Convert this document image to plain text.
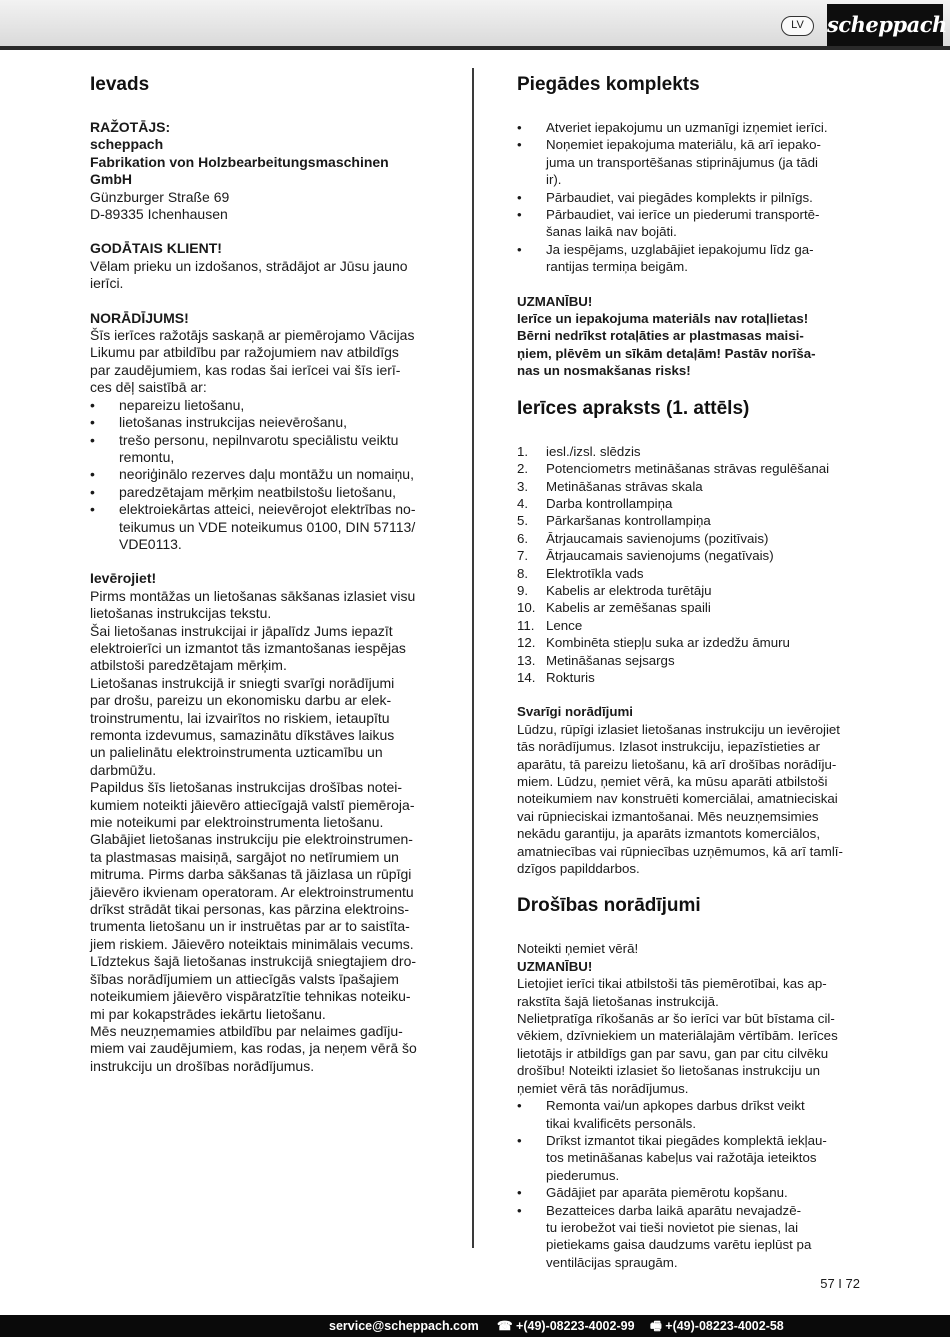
LV	scheppach
Ievads

RAŽOTĀJS:

scheppach

Fabrikation von Holzbearbeitungsmaschinen

GmbH

Günzburger Straße 69

D-89335 Ichenhausen

GODĀTAIS KLIENT!

Vēlam prieku un izdošanos, strādājot ar Jūsu jauno

ierīci.

NORĀDĪJUMS!

Šīs ierīces ražotājs saskaņā ar piemērojamo Vācijas

Likumu par atbildību par ražojumiem nav atbildīgs

par zaudējumiem, kas rodas šai ierīcei vai šīs ierī-

ces dēļ saistībā ar:

• nepareizu lietošanu,

• lietošanas instrukcijas neievērošanu,

• trešo personu, nepilnvarotu speciālistu veiktu

remontu,

• neoriģinālo rezerves daļu montāžu un nomaiņu,

• paredzētajam mērķim neatbilstošu lietošanu,

• elektroiekārtas atteici, neievērojot elektrības no-

teikumus un VDE noteikumus 0100, DIN 57113/

VDE0113.

Ievērojiet!

Pirms montāžas un lietošanas sākšanas izlasiet visu

lietošanas instrukcijas tekstu.

Šai lietošanas instrukcijai ir jāpalīdz Jums iepazīt

elektroierīci un izmantot tās izmantošanas iespējas

atbilstoši paredzētajam mērķim.

Lietošanas instrukcijā ir sniegti svarīgi norādījumi

par drošu, pareizu un ekonomisku darbu ar elek-

troinstrumentu, lai izvairītos no riskiem, ietaupītu

remonta izdevumus, samazinātu dīkstāves laikus

un palielinātu elektroinstrumenta uzticamību un

darbmūžu.

Papildus šīs lietošanas instrukcijas drošības notei-

kumiem noteikti jāievēro attiecīgajā valstī piemēroja-

mie noteikumi par elektroinstrumenta lietošanu.

Glabājiet lietošanas instrukciju pie elektroinstrumen-

ta plastmasas maisiņā, sargājot no netīrumiem un

mitruma. Pirms darba sākšanas tā jāizlasa un rūpīgi

jāievēro ikvienam operatoram. Ar elektroinstrumentu

drīkst strādāt tikai personas, kas pārzina elektroins-

trumenta lietošanu un ir instruētas par ar to saistīta-

jiem riskiem. Jāievēro noteiktais minimālais vecums.

Līdztekus šajā lietošanas instrukcijā sniegtajiem dro-

šības norādījumiem un attiecīgās valsts īpašajiem

noteikumiem jāievēro vispāratzītie tehnikas noteiku-

mi par kokapstrādes iekārtu lietošanu.

Mēs neuzņemamies atbildību par nelaimes gadīju-

miem vai zaudējumiem, kas rodas, ja neņem vērā šo

instrukciju un drošības norādījumus.

Piegādes komplekts

• Atveriet iepakojumu un uzmanīgi izņemiet ierīci.

• Noņemiet iepakojuma materiālu, kā arī iepako-

juma un transportēšanas stiprinājumus (ja tādi

ir).

• Pārbaudiet, vai piegādes komplekts ir pilnīgs.

• Pārbaudiet, vai ierīce un piederumi transportē-

šanas laikā nav bojāti.

• Ja iespējams, uzglabājiet iepakojumu līdz ga-

rantijas termiņa beigām.

UZMANĪBU!

Ierīce un iepakojuma materiāls nav rotaļlietas!

Bērni nedrīkst rotaļāties ar plastmasas maisi-

ņiem, plēvēm un sīkām detaļām! Pastāv norīša-

nas un nosmakšanas risks!

Ierīces apraksts (1. attēls)
1. iesl./izsl. slēdzis
2. Potenciometrs metināšanas strāvas regulēšanai
3. Metināšanas strāvas skala
4. Darba kontrollampiņa
5. Pārkaršanas kontrollampiņa
6. Ātrjaucamais savienojums (pozitīvais)
7. Ātrjaucamais savienojums (negatīvais)
8. Elektrotīkla vads
9. Kabelis ar elektroda turētāju
10. Kabelis ar zemēšanas spaili
11. Lence
12. Kombinēta stiepļu suka ar izdedžu āmuru
13. Metināšanas sejsargs
14. Rokturis

Svarīgi norādījumi

Lūdzu, rūpīgi izlasiet lietošanas instrukciju un ievērojiet

tās norādījumus. Izlasot instrukciju, iepazīstieties ar

aparātu, tā pareizu lietošanu, kā arī drošības norādīju-

miem. Lūdzu, ņemiet vērā, ka mūsu aparāti atbilstoši

noteikumiem nav konstruēti komerciālai, amatnieciskai

vai rūpnieciskai izmantošanai. Mēs neuzņemsimies

nekādu garantiju, ja aparāts izmantots komerciālos,

amatniecības vai rūpniecības uzņēmumos, kā arī tamlī-

dzīgos papilddarbos.

Drošības norādījumi

Noteikti ņemiet vērā!

UZMANĪBU!

Lietojiet ierīci tikai atbilstoši tās piemērotībai, kas ap-

rakstīta šajā lietošanas instrukcijā.

Nelietpratīga rīkošanās ar šo ierīci var būt bīstama cil-

vēkiem, dzīvniekiem un materiālajām vērtībām. Ierīces

lietotājs ir atbildīgs gan par savu, gan par citu cilvēku

drošību! Noteikti izlasiet šo lietošanas instrukciju un

ņemiet vērā tās norādījumus.

• Remonta vai/un apkopes darbus drīkst veikt

tikai kvalificēts personāls.

• Drīkst izmantot tikai piegādes komplektā iekļau-

tos metināšanas kabeļus vai ražotāja ieteiktos

piederumus.

• Gādājiet par aparāta piemērotu kopšanu.

• Bezatteices darba laikā aparātu nevajadzē-

tu ierobežot vai tieši novietot pie sienas, lai

pietiekams gaisa daudzums varētu ieplūst pa

ventilācijas spraugām.

57 I 72
service@scheppach.com ☎ +(49)-08223-4002-99 🖷 +(49)-08223-4002-58
